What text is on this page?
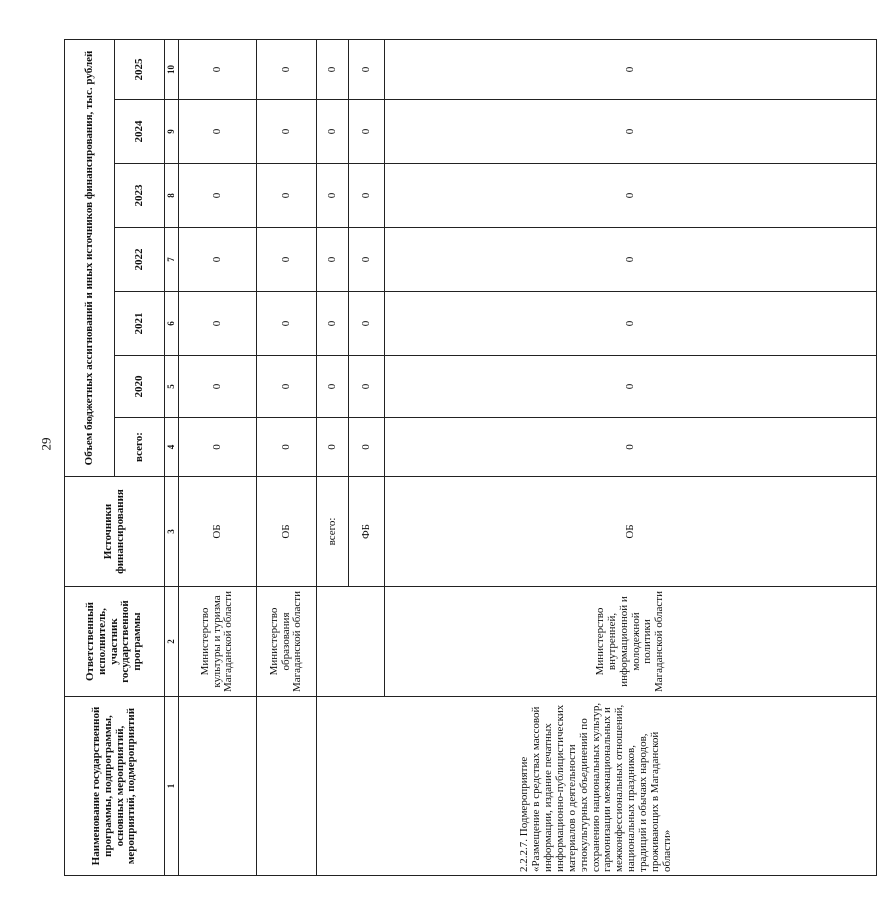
29
Наименование государственной программы, подпрограммы, основных мероприятий, мероприятий, подмероприятий	Ответственный исполнитель, участник государственной программы	Источники финансирования	Объем бюджетных ассигнований и иных источников финансирования, тыс. рублей						
			всего:	2020	2021	2022	2023	2024	2025
1	2	3	4	5	6	7	8	9	10
	Министерство культуры и туризма Магаданской области	ОБ	0	0	0	0	0	0	0
	Министерство образования Магаданской области	ОБ	0	0	0	0	0	0	0
2.2.2.7. Подмероприятие «Размещение в средствах массовой информации, издание печатных информационно-публицистических материалов о деятельности этнокультурных объединений по сохранению национальных культур, гармонизации межнациональных и межконфессиональных отношений, национальных праздников, традиций и обычаях народов, проживающих в Магаданской области»		всего:	0	0	0	0	0	0	0
		ФБ	0	0	0	0	0	0	0
	Министерство внутренней, информационной и молодежной политики Магаданской области	ОБ	0	0	0	0	0	0	0
